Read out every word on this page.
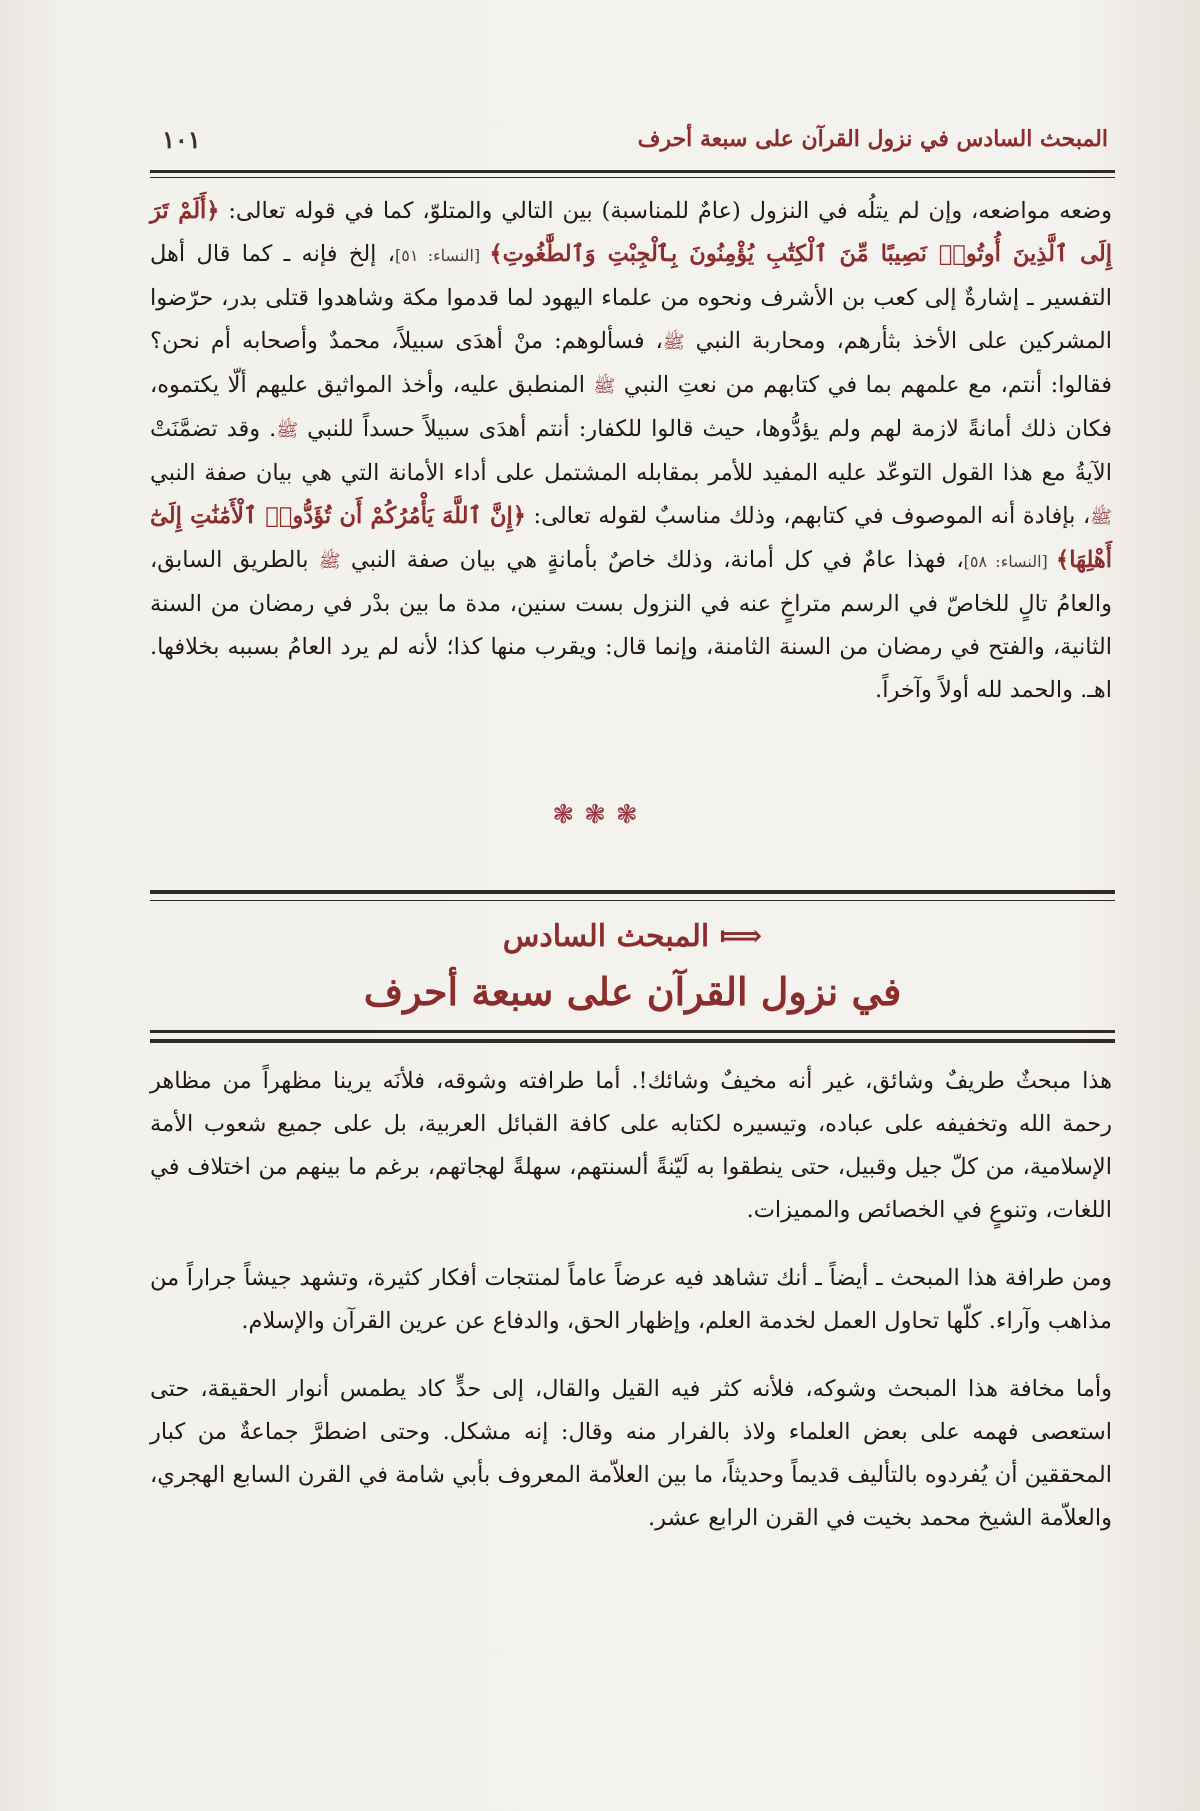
المبحث السادس في نزول القرآن على سبعة أحرف
١٠١

وضعه مواضعه، وإن لم يتلُه في النزول (عامٌ للمناسبة) بين التالي والمتلوّ، كما في قوله تعالى: ﴿أَلَمْ تَرَ إِلَى ٱلَّذِينَ أُوتُوا۟ نَصِيبًا مِّنَ ٱلْكِتَٰبِ يُؤْمِنُونَ بِٱلْجِبْتِ وَٱلطَّٰغُوتِ﴾ [النساء: ٥١]، إلخ فإنه ـ كما قال أهل التفسير ـ إشارةٌ إلى كعب بن الأشرف ونحوه من علماء اليهود لما قدموا مكة وشاهدوا قتلى بدر، حرّضوا المشركين على الأخذ بثأرهم، ومحاربة النبي ﷺ، فسألوهم: منْ أهدَى سبيلاً، محمدٌ وأصحابه أم نحن؟ فقالوا: أنتم، مع علمهم بما في كتابهم من نعتِ النبي ﷺ المنطبق عليه، وأخذ المواثيق عليهم ألّا يكتموه، فكان ذلك أمانةً لازمة لهم ولم يؤدُّوها، حيث قالوا للكفار: أنتم أهدَى سبيلاً حسداً للنبي ﷺ. وقد تضمَّنَتْ الآيةُ مع هذا القول التوعّد عليه المفيد للأمر بمقابله المشتمل على أداء الأمانة التي هي بيان صفة النبي ﷺ، بإفادة أنه الموصوف في كتابهم، وذلك مناسبٌ لقوله تعالى: ﴿إِنَّ ٱللَّهَ يَأْمُرُكُمْ أَن تُؤَدُّوا۟ ٱلْأَمَٰنَٰتِ إِلَىٰٓ أَهْلِهَا﴾ [النساء: ٥٨]، فهذا عامٌ في كل أمانة، وذلك خاصٌ بأمانةٍ هي بيان صفة النبي ﷺ بالطريق السابق، والعامُ تالٍ للخاصّ في الرسم متراخٍ عنه في النزول بست سنين، مدة ما بين بدْر في رمضان من السنة الثانية، والفتح في رمضان من السنة الثامنة، وإنما قال: ويقرب منها كذا؛ لأنه لم يرد العامُ بسببه بخلافها. اهـ. والحمد لله أولاً وآخراً.

❃❃❃
⟾المبحث السادس
في نزول القرآن على سبعة أحرف

هذا مبحثٌ طريفٌ وشائق، غير أنه مخيفٌ وشائك!. أما طرافته وشوقه، فلأنَه يرينا مظهراً من مظاهر رحمة الله وتخفيفه على عباده، وتيسيره لكتابه على كافة القبائل العربية، بل على جميع شعوب الأمة الإسلامية، من كلّ جيل وقبيل، حتى ينطقوا به لَيّنةً ألسنتهم، سهلةً لهجاتهم، برغم ما بينهم من اختلاف في اللغات، وتنوعٍ في الخصائص والمميزات.

ومن طرافة هذا المبحث ـ أيضاً ـ أنك تشاهد فيه عرضاً عاماً لمنتجات أفكار كثيرة، وتشهد جيشاً جراراً من مذاهب وآراء. كلّها تحاول العمل لخدمة العلم، وإظهار الحق، والدفاع عن عرين القرآن والإسلام.

وأما مخافة هذا المبحث وشوكه، فلأنه كثر فيه القيل والقال، إلى حدٍّ كاد يطمس أنوار الحقيقة، حتى استعصى فهمه على بعض العلماء ولاذ بالفرار منه وقال: إنه مشكل. وحتى اضطرَّ جماعةٌ من كبار المحققين أن يُفردوه بالتأليف قديماً وحديثاً، ما بين العلاّمة المعروف بأبي شامة في القرن السابع الهجري، والعلاّمة الشيخ محمد بخيت في القرن الرابع عشر.
